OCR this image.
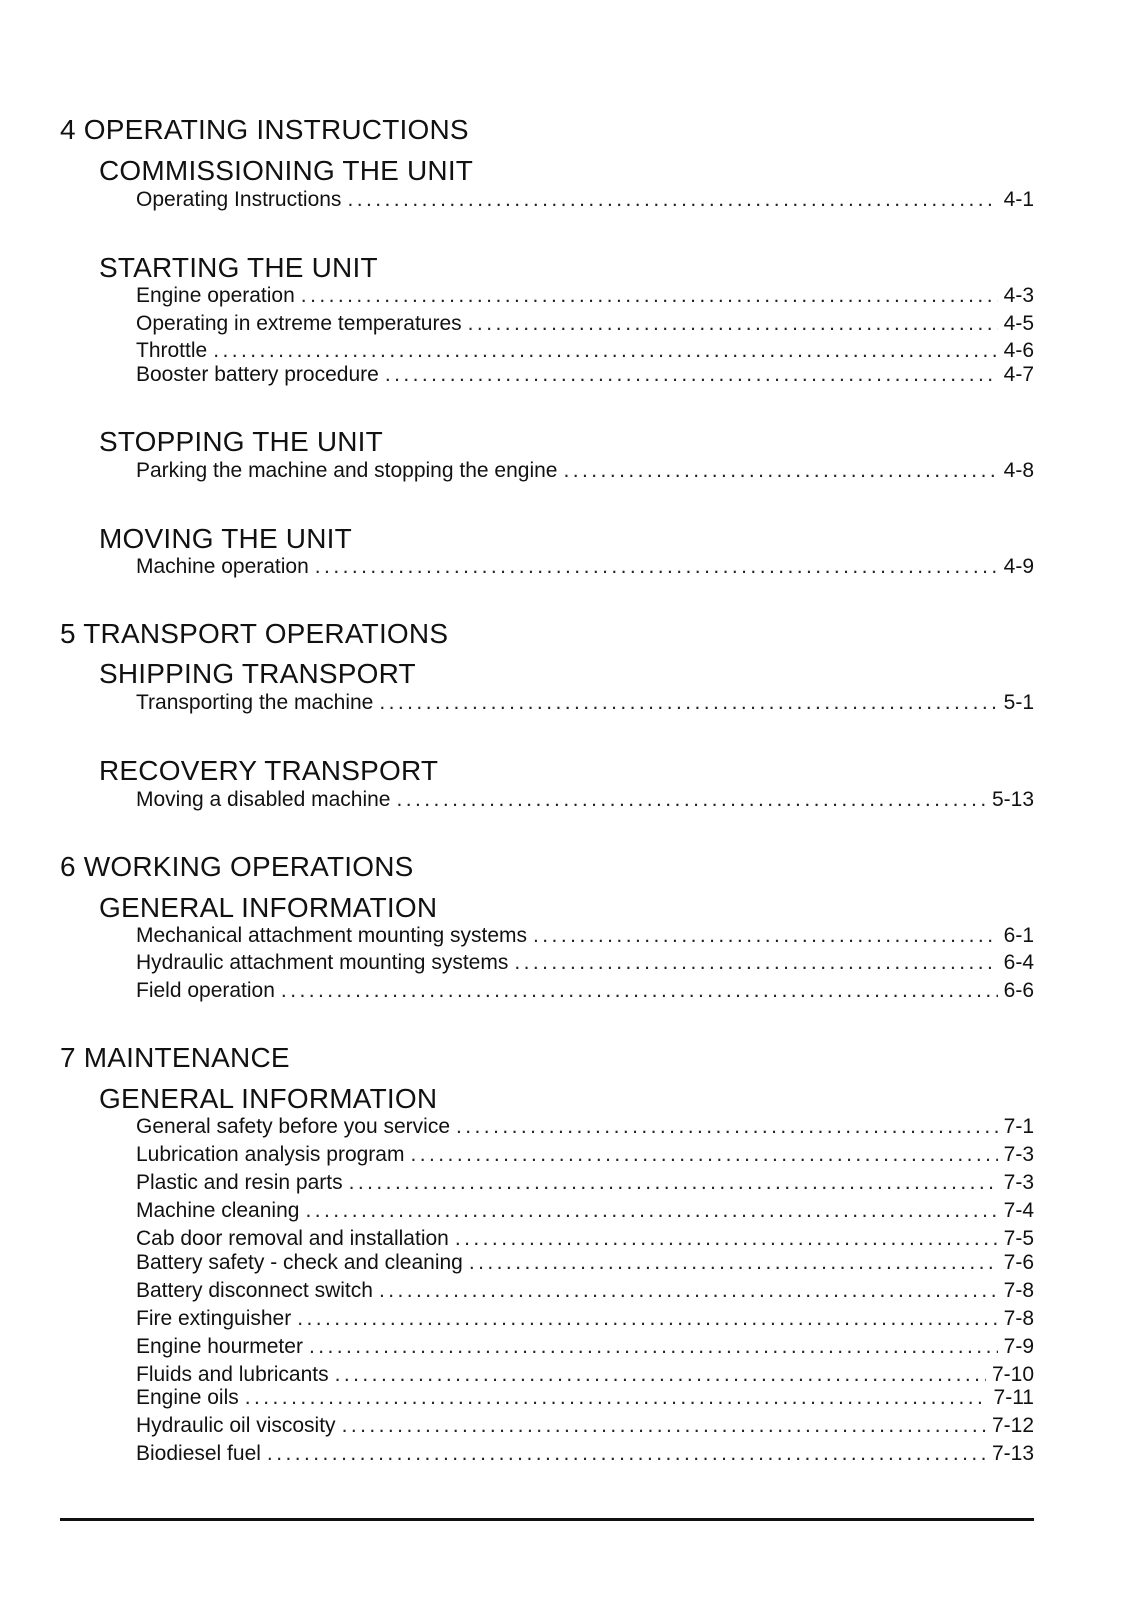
4 OPERATING INSTRUCTIONS
COMMISSIONING THE UNIT
Operating Instructions . . .	4-1
STARTING THE UNIT
Engine operation . . .	4-3
Operating in extreme temperatures . . .	4-5
Throttle . . .	4-6
Booster battery procedure . . .	4-7
STOPPING THE UNIT
Parking the machine and stopping the engine . . .	4-8
MOVING THE UNIT
Machine operation . . .	4-9
5 TRANSPORT OPERATIONS
SHIPPING TRANSPORT
Transporting the machine . . .	5-1
RECOVERY TRANSPORT
Moving a disabled machine . . .	5-13
6 WORKING OPERATIONS
GENERAL INFORMATION
Mechanical attachment mounting systems . . .	6-1
Hydraulic attachment mounting systems . . .	6-4
Field operation . . .	6-6
7 MAINTENANCE
GENERAL INFORMATION
General safety before you service . . .	7-1
Lubrication analysis program . . .	7-3
Plastic and resin parts . . .	7-3
Machine cleaning . . .	7-4
Cab door removal and installation . . .	7-5
Battery safety - check and cleaning . . .	7-6
Battery disconnect switch . . .	7-8
Fire extinguisher . . .	7-8
Engine hourmeter . . .	7-9
Fluids and lubricants . . .	7-10
Engine oils . . .	7-11
Hydraulic oil viscosity . . .	7-12
Biodiesel fuel . . .	7-13
